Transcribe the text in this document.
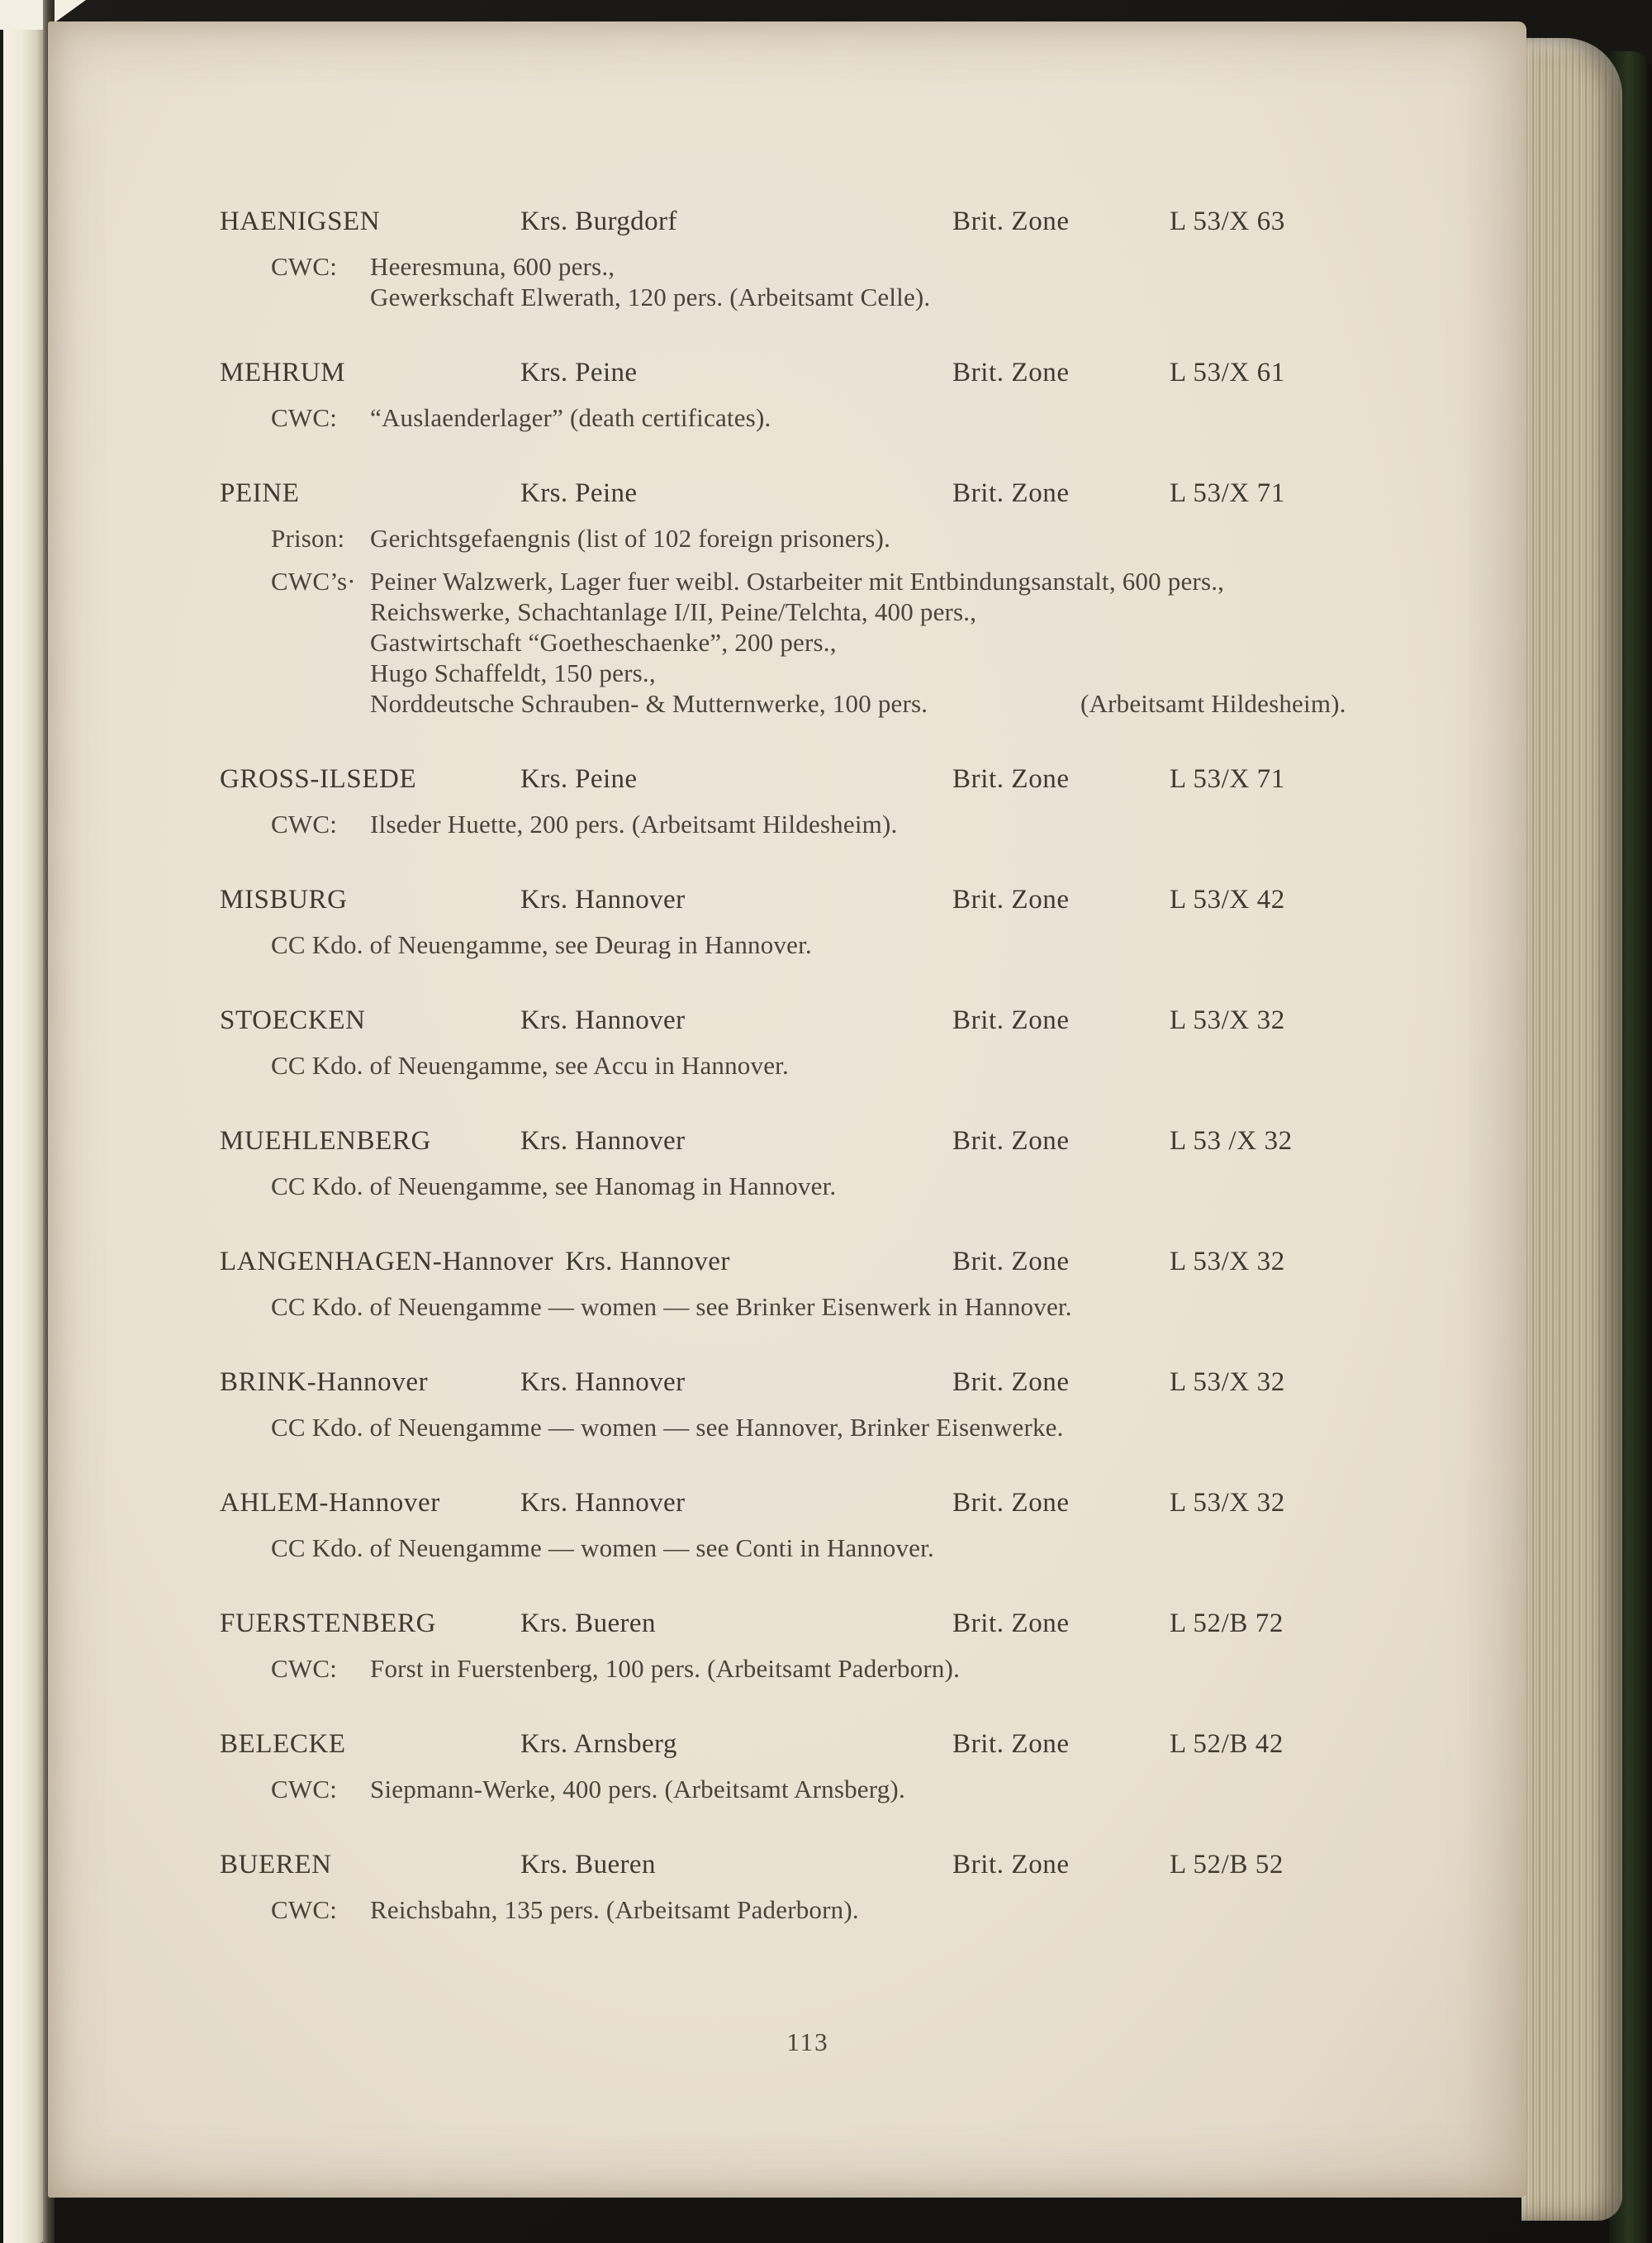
HAENIGSEN	Krs. Burgdorf	Brit. Zone	L 53/X 63
CWC: Heeresmuna, 600 pers.,
Gewerkschaft Elwerath, 120 pers. (Arbeitsamt Celle).
MEHRUM	Krs. Peine	Brit. Zone	L 53/X 61
CWC: “Auslaenderlager” (death certificates).
PEINE	Krs. Peine	Brit. Zone	L 53/X 71
Prison: Gerichtsgefaengnis (list of 102 foreign prisoners).
CWC’s· Peiner Walzwerk, Lager fuer weibl. Ostarbeiter mit Entbindungsanstalt, 600 pers.,
Reichswerke, Schachtanlage I/II, Peine/Telchta, 400 pers.,
Gastwirtschaft “Goetheschaenke”, 200 pers.,
Hugo Schaffeldt, 150 pers.,
Norddeutsche Schrauben- & Mutternwerke, 100 pers.	(Arbeitsamt Hildesheim).
GROSS-ILSEDE	Krs. Peine	Brit. Zone	L 53/X 71
CWC: Ilseder Huette, 200 pers. (Arbeitsamt Hildesheim).
MISBURG	Krs. Hannover	Brit. Zone	L 53/X 42
CC Kdo. of Neuengamme, see Deurag in Hannover.
STOECKEN	Krs. Hannover	Brit. Zone	L 53/X 32
CC Kdo. of Neuengamme, see Accu in Hannover.
MUEHLENBERG	Krs. Hannover	Brit. Zone	L 53 /X 32
CC Kdo. of Neuengamme, see Hanomag in Hannover.
LANGENHAGEN-Hannover Krs. Hannover	Brit. Zone	L 53/X 32
CC Kdo. of Neuengamme — women — see Brinker Eisenwerk in Hannover.
BRINK-Hannover	Krs. Hannover	Brit. Zone	L 53/X 32
CC Kdo. of Neuengamme — women — see Hannover, Brinker Eisenwerke.
AHLEM-Hannover	Krs. Hannover	Brit. Zone	L 53/X 32
CC Kdo. of Neuengamme — women — see Conti in Hannover.
FUERSTENBERG	Krs. Bueren	Brit. Zone	L 52/B 72
CWC: Forst in Fuerstenberg, 100 pers. (Arbeitsamt Paderborn).
BELECKE	Krs. Arnsberg	Brit. Zone	L 52/B 42
CWC: Siepmann-Werke, 400 pers. (Arbeitsamt Arnsberg).
BUEREN	Krs. Bueren	Brit. Zone	L 52/B 52
CWC: Reichsbahn, 135 pers. (Arbeitsamt Paderborn).
113
